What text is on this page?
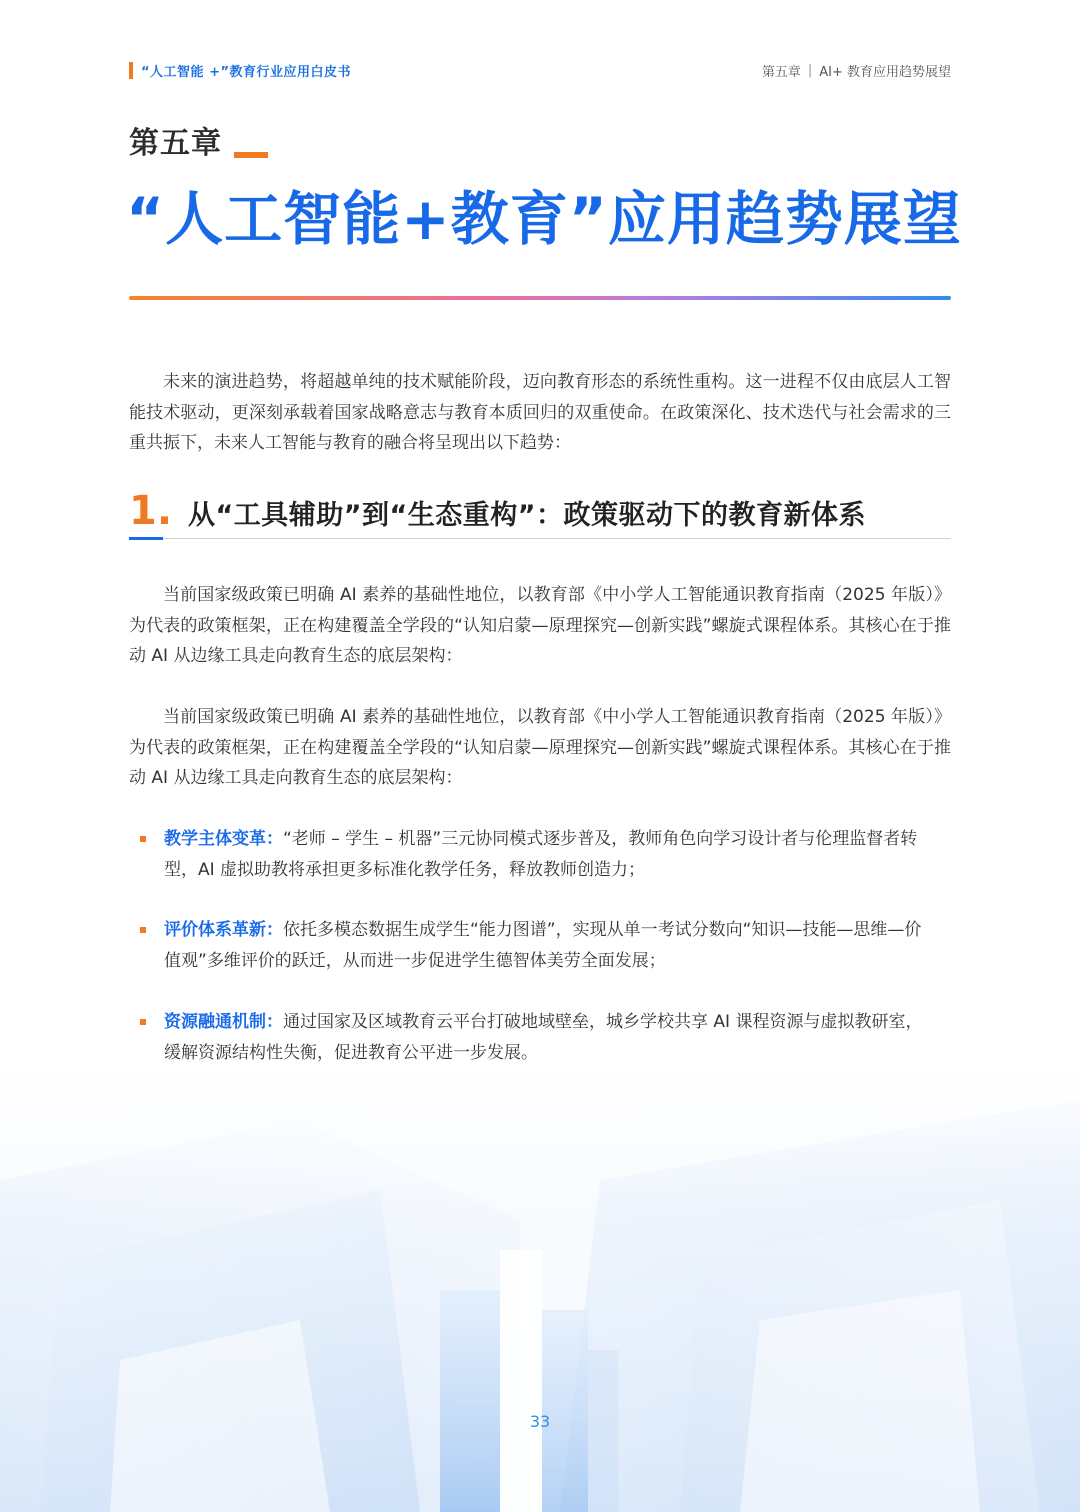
“人工智能 +”教育行业应用白皮书	第五章 | AI+ 教育应用趋势展望
第五章
“人工智能+教育”应用趋势展望

未来的演进趋势，将超越单纯的技术赋能阶段，迈向教育形态的系统性重构。这一进程不仅由底层人工智能技术驱动，更深刻承载着国家战略意志与教育本质回归的双重使命。在政策深化、技术迭代与社会需求的三重共振下，未来人工智能与教育的融合将呈现出以下趋势：

1. 从“工具辅助”到“生态重构”：政策驱动下的教育新体系

当前国家级政策已明确 AI 素养的基础性地位，以教育部《中小学人工智能通识教育指南（2025 年版）》为代表的政策框架，正在构建覆盖全学段的“认知启蒙—原理探究—创新实践”螺旋式课程体系。其核心在于推动 AI 从边缘工具走向教育生态的底层架构：

当前国家级政策已明确 AI 素养的基础性地位，以教育部《中小学人工智能通识教育指南（2025 年版）》为代表的政策框架，正在构建覆盖全学段的“认知启蒙—原理探究—创新实践”螺旋式课程体系。其核心在于推动 AI 从边缘工具走向教育生态的底层架构：

教学主体变革：“老师 – 学生 – 机器”三元协同模式逐步普及，教师角色向学习设计者与伦理监督者转型，AI 虚拟助教将承担更多标准化教学任务，释放教师创造力；
评价体系革新：依托多模态数据生成学生“能力图谱”，实现从单一考试分数向“知识—技能—思维—价值观”多维评价的跃迁，从而进一步促进学生德智体美劳全面发展；
资源融通机制：通过国家及区域教育云平台打破地域壁垒，城乡学校共享 AI 课程资源与虚拟教研室，缓解资源结构性失衡，促进教育公平进一步发展。
33
